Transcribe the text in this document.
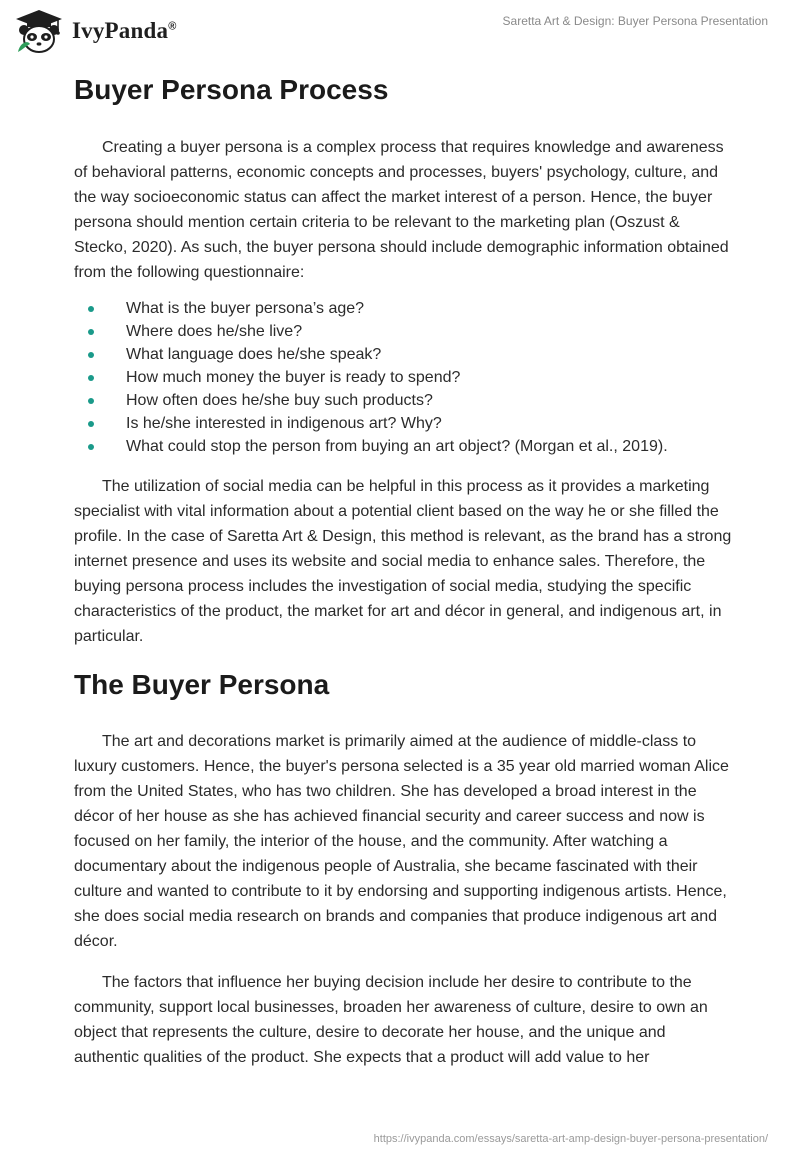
IvyPanda®	Saretta Art & Design: Buyer Persona Presentation
Buyer Persona Process

Creating a buyer persona is a complex process that requires knowledge and awareness of behavioral patterns, economic concepts and processes, buyers' psychology, culture, and the way socioeconomic status can affect the market interest of a person. Hence, the buyer persona should mention certain criteria to be relevant to the marketing plan (Oszust & Stecko, 2020). As such, the buyer persona should include demographic information obtained from the following questionnaire:

What is the buyer persona’s age?
Where does he/she live?
What language does he/she speak?
How much money the buyer is ready to spend?
How often does he/she buy such products?
Is he/she interested in indigenous art? Why?
What could stop the person from buying an art object? (Morgan et al., 2019).

The utilization of social media can be helpful in this process as it provides a marketing specialist with vital information about a potential client based on the way he or she filled the profile. In the case of Saretta Art & Design, this method is relevant, as the brand has a strong internet presence and uses its website and social media to enhance sales. Therefore, the buying persona process includes the investigation of social media, studying the specific characteristics of the product, the market for art and décor in general, and indigenous art, in particular.

The Buyer Persona

The art and decorations market is primarily aimed at the audience of middle-class to luxury customers. Hence, the buyer's persona selected is a 35 year old married woman Alice from the United States, who has two children. She has developed a broad interest in the décor of her house as she has achieved financial security and career success and now is focused on her family, the interior of the house, and the community. After watching a documentary about the indigenous people of Australia, she became fascinated with their culture and wanted to contribute to it by endorsing and supporting indigenous artists. Hence, she does social media research on brands and companies that produce indigenous art and décor.

The factors that influence her buying decision include her desire to contribute to the community, support local businesses, broaden her awareness of culture, desire to own an object that represents the culture, desire to decorate her house, and the unique and authentic qualities of the product. She expects that a product will add value to her

https://ivypanda.com/essays/saretta-art-amp-design-buyer-persona-presentation/
